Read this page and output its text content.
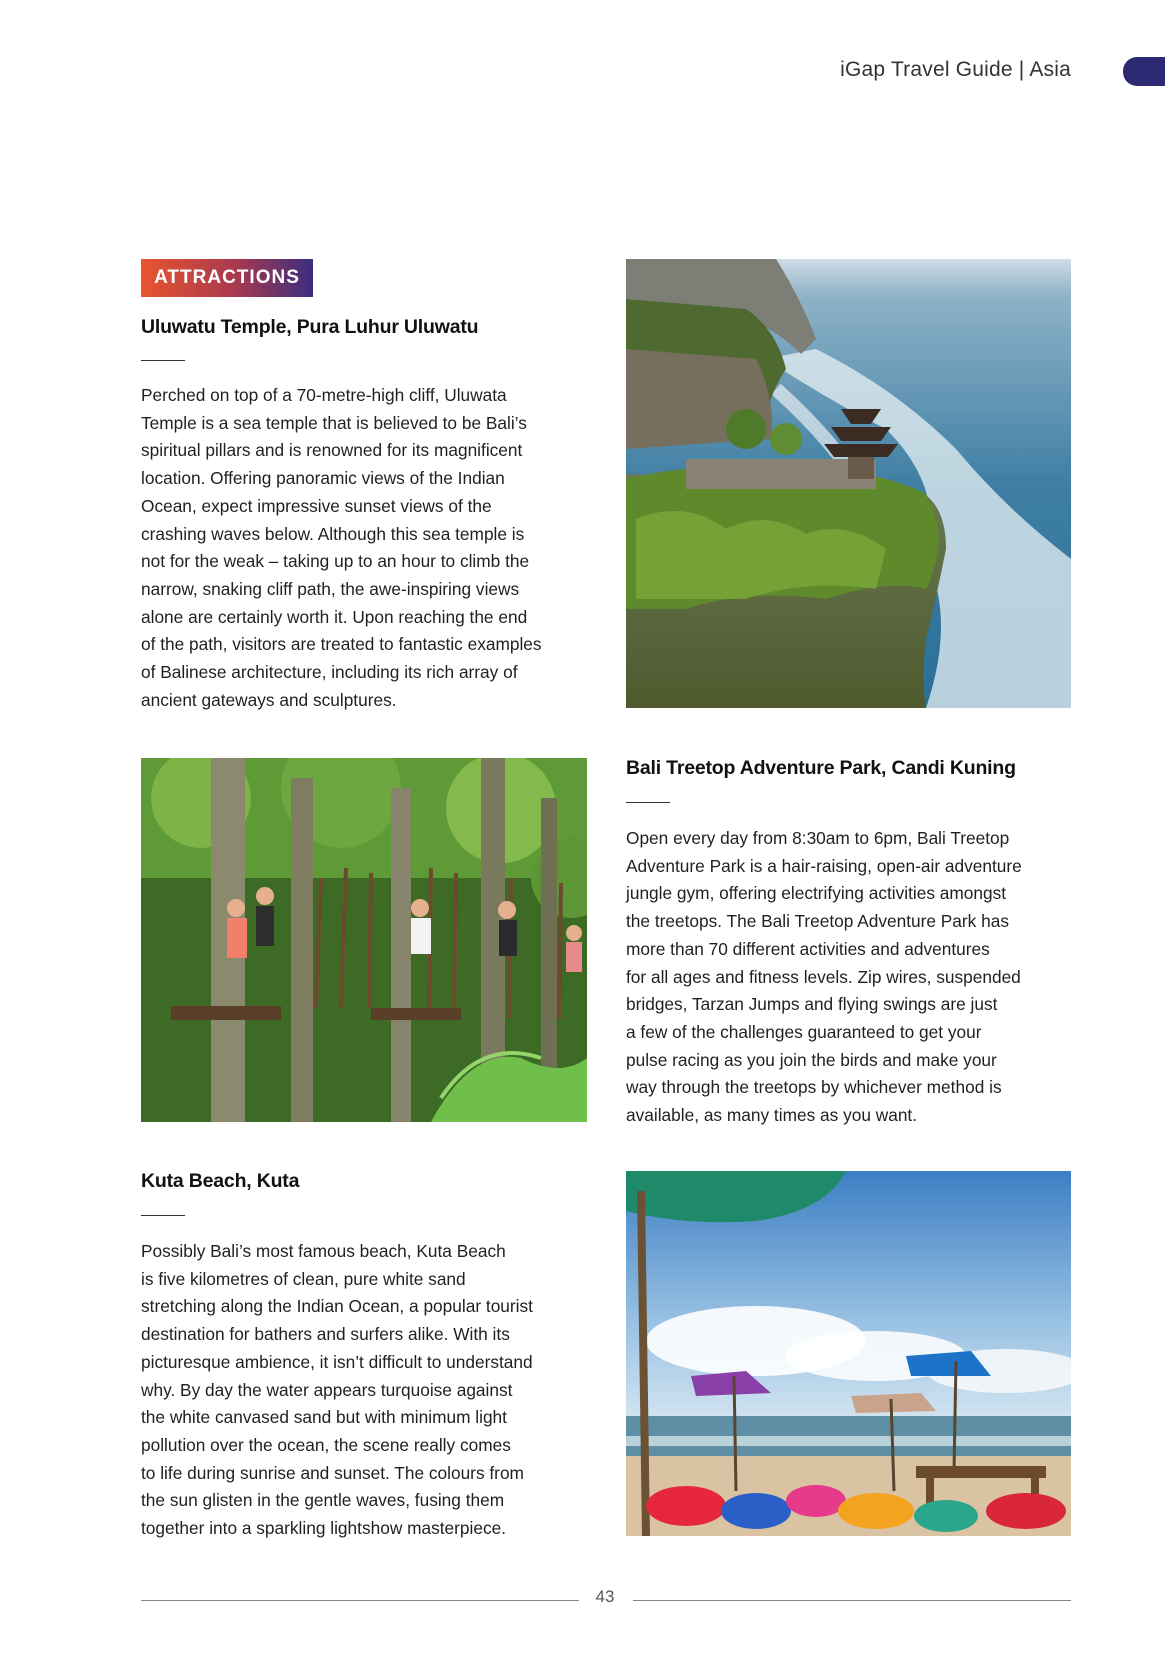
iGap Travel Guide | Asia
ATTRACTIONS
Uluwatu Temple, Pura Luhur Uluwatu
Perched on top of a 70-metre-high cliff, Uluwata
Temple is a sea temple that is believed to be Bali’s
spiritual pillars and is renowned for its magnificent
location. Offering panoramic views of the Indian
Ocean, expect impressive sunset views of the
crashing waves below. Although this sea temple is
not for the weak – taking up to an hour to climb the
narrow, snaking cliff path, the awe-inspiring views
alone are certainly worth it. Upon reaching the end
of the path, visitors are treated to fantastic examples
of Balinese architecture, including its rich array of
ancient gateways and sculptures.
Bali Treetop Adventure Park, Candi Kuning
Open every day from 8:30am to 6pm, Bali Treetop
Adventure Park is a hair-raising, open-air adventure
jungle gym, offering electrifying activities amongst
the treetops. The Bali Treetop Adventure Park has
more than 70 different activities and adventures
for all ages and fitness levels. Zip wires, suspended
bridges, Tarzan Jumps and flying swings are just
a few of the challenges guaranteed to get your
pulse racing as you join the birds and make your
way through the treetops by whichever method is
available, as many times as you want.
Kuta Beach, Kuta
Possibly Bali’s most famous beach, Kuta Beach
is five kilometres of clean, pure white sand
stretching along the Indian Ocean, a popular tourist
destination for bathers and surfers alike. With its
picturesque ambience, it isn’t difficult to understand
why. By day the water appears turquoise against
the white canvased sand but with minimum light
pollution over the ocean, the scene really comes
to life during sunrise and sunset. The colours from
the sun glisten in the gentle waves, fusing them
together into a sparkling lightshow masterpiece.
43
